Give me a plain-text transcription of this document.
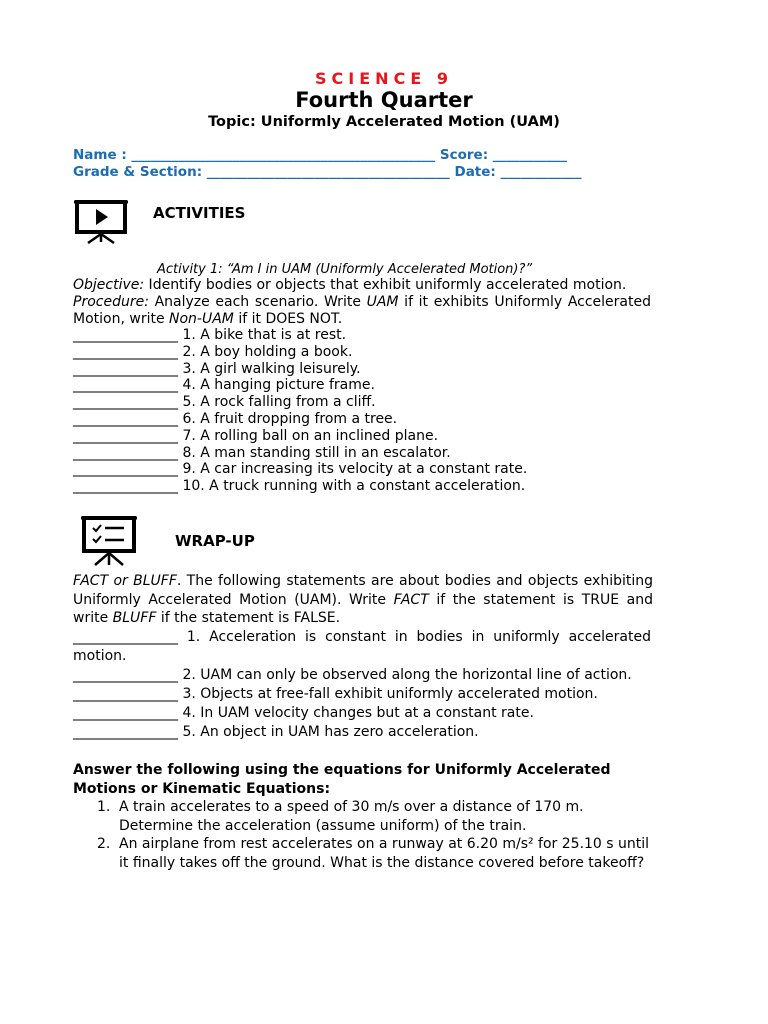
SCIENCE 9
Fourth Quarter
Topic: Uniformly Accelerated Motion (UAM)
Name : _____________________________________________ Score: ___________
Grade & Section: ____________________________________ Date: ____________
ACTIVITIES
Activity 1: “Am I in UAM (Uniformly Accelerated Motion)?”
Objective: Identify bodies or objects that exhibit uniformly accelerated motion.
Procedure: Analyze each scenario. Write UAM if it exhibits Uniformly Accelerated Motion, write Non-UAM if it DOES NOT.
_______________ 1. A bike that is at rest.
_______________ 2. A boy holding a book.
_______________ 3. A girl walking leisurely.
_______________ 4. A hanging picture frame.
_______________ 5. A rock falling from a cliff.
_______________ 6. A fruit dropping from a tree.
_______________ 7. A rolling ball on an inclined plane.
_______________ 8. A man standing still in an escalator.
_______________ 9. A car increasing its velocity at a constant rate.
_______________ 10. A truck running with a constant acceleration.
WRAP-UP
FACT or BLUFF. The following statements are about bodies and objects exhibiting Uniformly Accelerated Motion (UAM). Write FACT if the statement is TRUE and write BLUFF if the statement is FALSE.
_______________ 1. Acceleration is constant in bodies in uniformly accelerated motion.
_______________ 2. UAM can only be observed along the horizontal line of action.
_______________ 3. Objects at free-fall exhibit uniformly accelerated motion.
_______________ 4. In UAM velocity changes but at a constant rate.
_______________ 5. An object in UAM has zero acceleration.
Answer the following using the equations for Uniformly Accelerated Motions or Kinematic Equations:
1. A train accelerates to a speed of 30 m/s over a distance of 170 m. Determine the acceleration (assume uniform) of the train.
2. An airplane from rest accelerates on a runway at 6.20 m/s² for 25.10 s until it finally takes off the ground. What is the distance covered before takeoff?
